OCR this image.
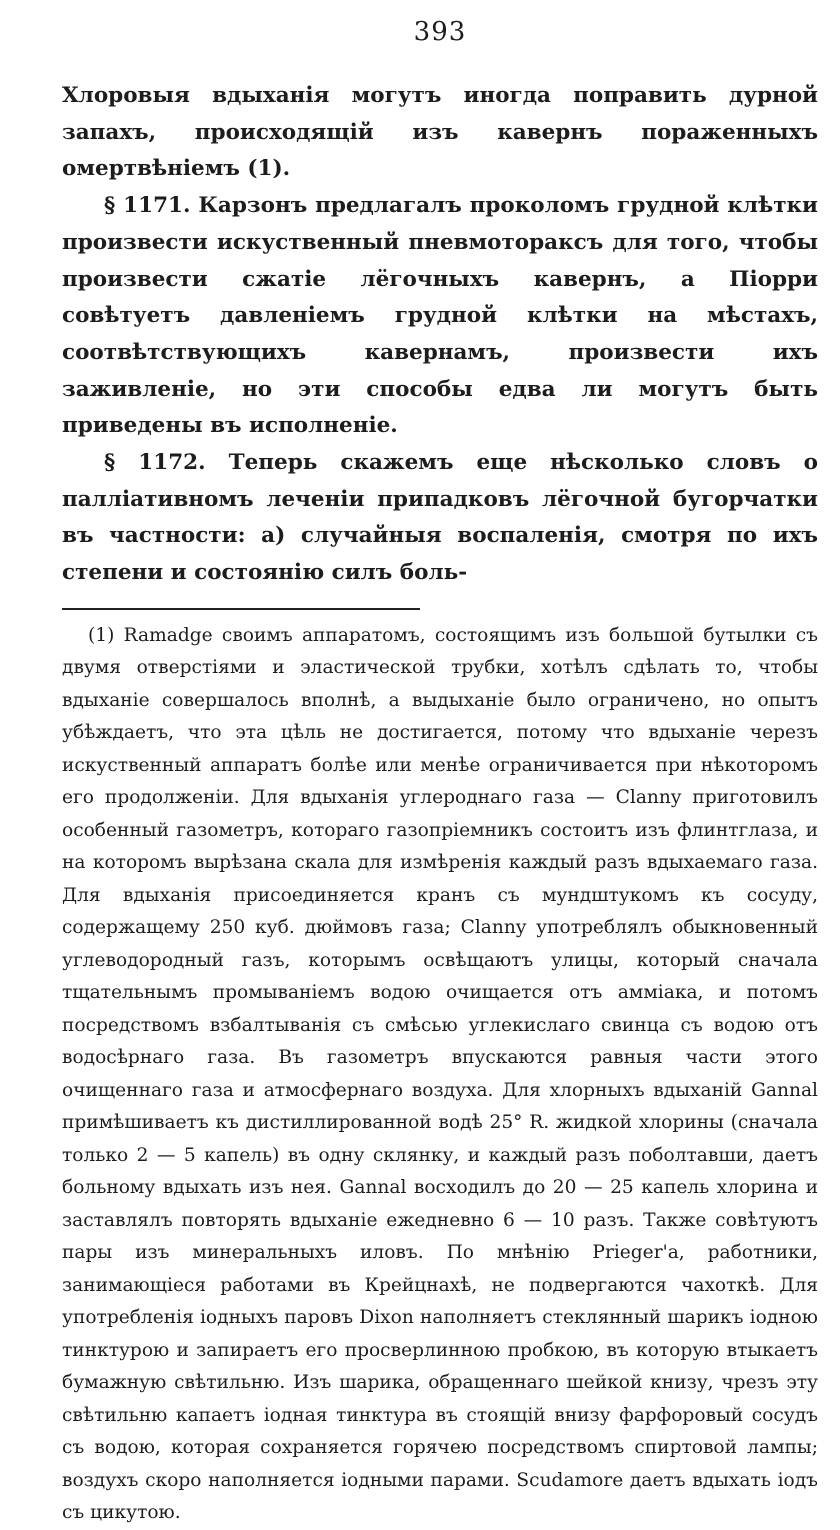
393

Хлоровыя вдыханія могутъ иногда поправить дурной запахъ, происходящій изъ кавернъ пораженныхъ омертвѣніемъ (1).

§ 1171. Карзонъ предлагалъ проколомъ грудной клѣтки произвести искуственный пневмотораксъ для того, чтобы произвести сжатіе лёгочныхъ кавернъ, а Піорри совѣтуетъ давленіемъ грудной клѣтки на мѣстахъ, соотвѣтствующихъ кавернамъ, произвести ихъ заживленіе, но эти способы едва ли могутъ быть приведены въ исполненіе.

§ 1172. Теперь скажемъ еще нѣсколько словъ о паллiативномъ леченіи припадковъ лёгочной бугорчатки въ частности: а) случайныя воспаленія, смотря по ихъ степени и состоянію силъ боль-

(1) Ramadge своимъ аппаратомъ, состоящимъ изъ большой бутылки съ двумя отверстіями и эластической трубки, хотѣлъ сдѣлать то, чтобы вдыханіе совершалось вполнѣ, а выдыханіе было ограничено, но опытъ убѣждаетъ, что эта цѣль не достигается, потому что вдыханіе черезъ искуственный аппаратъ болѣе или менѣе ограничивается при нѣкоторомъ его продолженіи. Для вдыханія углероднаго газа — Clanny приготовилъ особенный газометръ, котораго газопріемникъ состоитъ изъ флинтглаза, и на которомъ вырѣзана скала для измѣренія каждый разъ вдыхаемаго газа. Для вдыханія присоединяется кранъ съ мундштукомъ къ сосуду, содержащему 250 куб. дюймовъ газа; Clanny употреблялъ обыкновенный углеводородный газъ, которымъ освѣщаютъ улицы, который сначала тщательнымъ промываніемъ водою очищается отъ аммiака, и потомъ посредствомъ взбалтыванія съ смѣсью углекислаго свинца съ водою отъ водосѣрнаго газа. Въ газометръ впускаются равныя части этого очищеннаго газа и атмосфернаго воздуха. Для хлорныхъ вдыханій Gannal примѣшиваетъ къ дистиллированной водѣ 25° R. жидкой хлорины (сначала только 2 — 5 капель) въ одну склянку, и каждый разъ поболтавши, даетъ больному вдыхать изъ нея. Gannal восходилъ до 20 — 25 капель хлорина и заставлялъ повторять вдыханіе ежедневно 6 — 10 разъ. Также совѣтуютъ пары изъ минеральныхъ иловъ. По мнѣнію Prieger'a, работники, занимающіеся работами въ Крейцнахѣ, не подвергаются чахоткѣ. Для употребленія іодныхъ паровъ Dixon наполняетъ стеклянный шарикъ іодною тинктурою и запираетъ его просверлинною пробкою, въ которую втыкаетъ бумажную свѣтильню. Изъ шарика, обращеннаго шейкой книзу, чрезъ эту свѣтильню капаетъ іодная тинктура въ стоящій внизу фарфоровый сосудъ съ водою, которая сохраняется горячею посредствомъ спиртовой лампы; воздухъ скоро наполняется іодными парами. Scudamore даетъ вдыхать іодъ съ цикутою.
